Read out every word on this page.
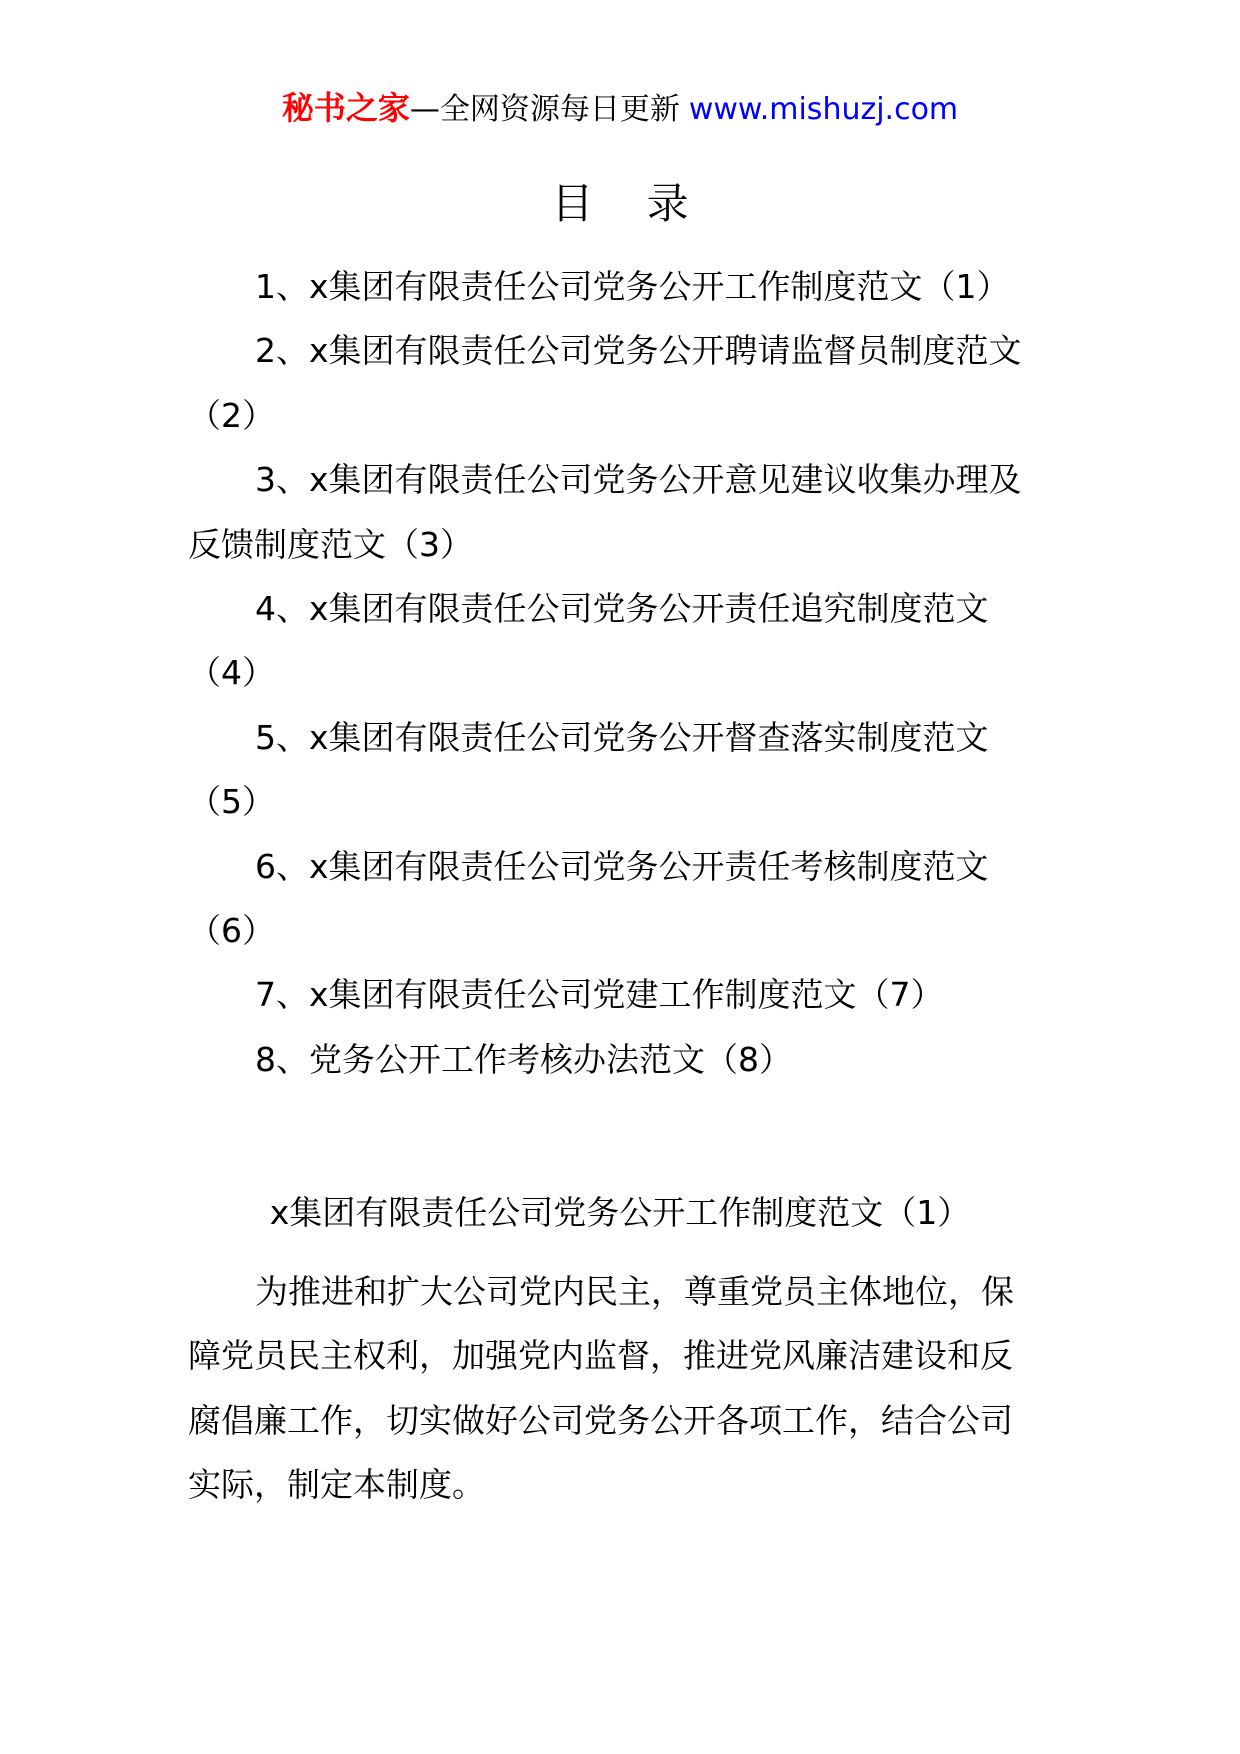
秘书之家—全网资源每日更新 www.mishuzj.com
目 录
1、x集团有限责任公司党务公开工作制度范文（1）
2、x集团有限责任公司党务公开聘请监督员制度范文
（2）
3、x集团有限责任公司党务公开意见建议收集办理及
反馈制度范文（3）
4、x集团有限责任公司党务公开责任追究制度范文
（4）
5、x集团有限责任公司党务公开督查落实制度范文
（5）
6、x集团有限责任公司党务公开责任考核制度范文
（6）
7、x集团有限责任公司党建工作制度范文（7）
8、党务公开工作考核办法范文（8）
x集团有限责任公司党务公开工作制度范文（1）
为推进和扩大公司党内民主，尊重党员主体地位，保
障党员民主权利，加强党内监督，推进党风廉洁建设和反
腐倡廉工作，切实做好公司党务公开各项工作，结合公司
实际，制定本制度。
